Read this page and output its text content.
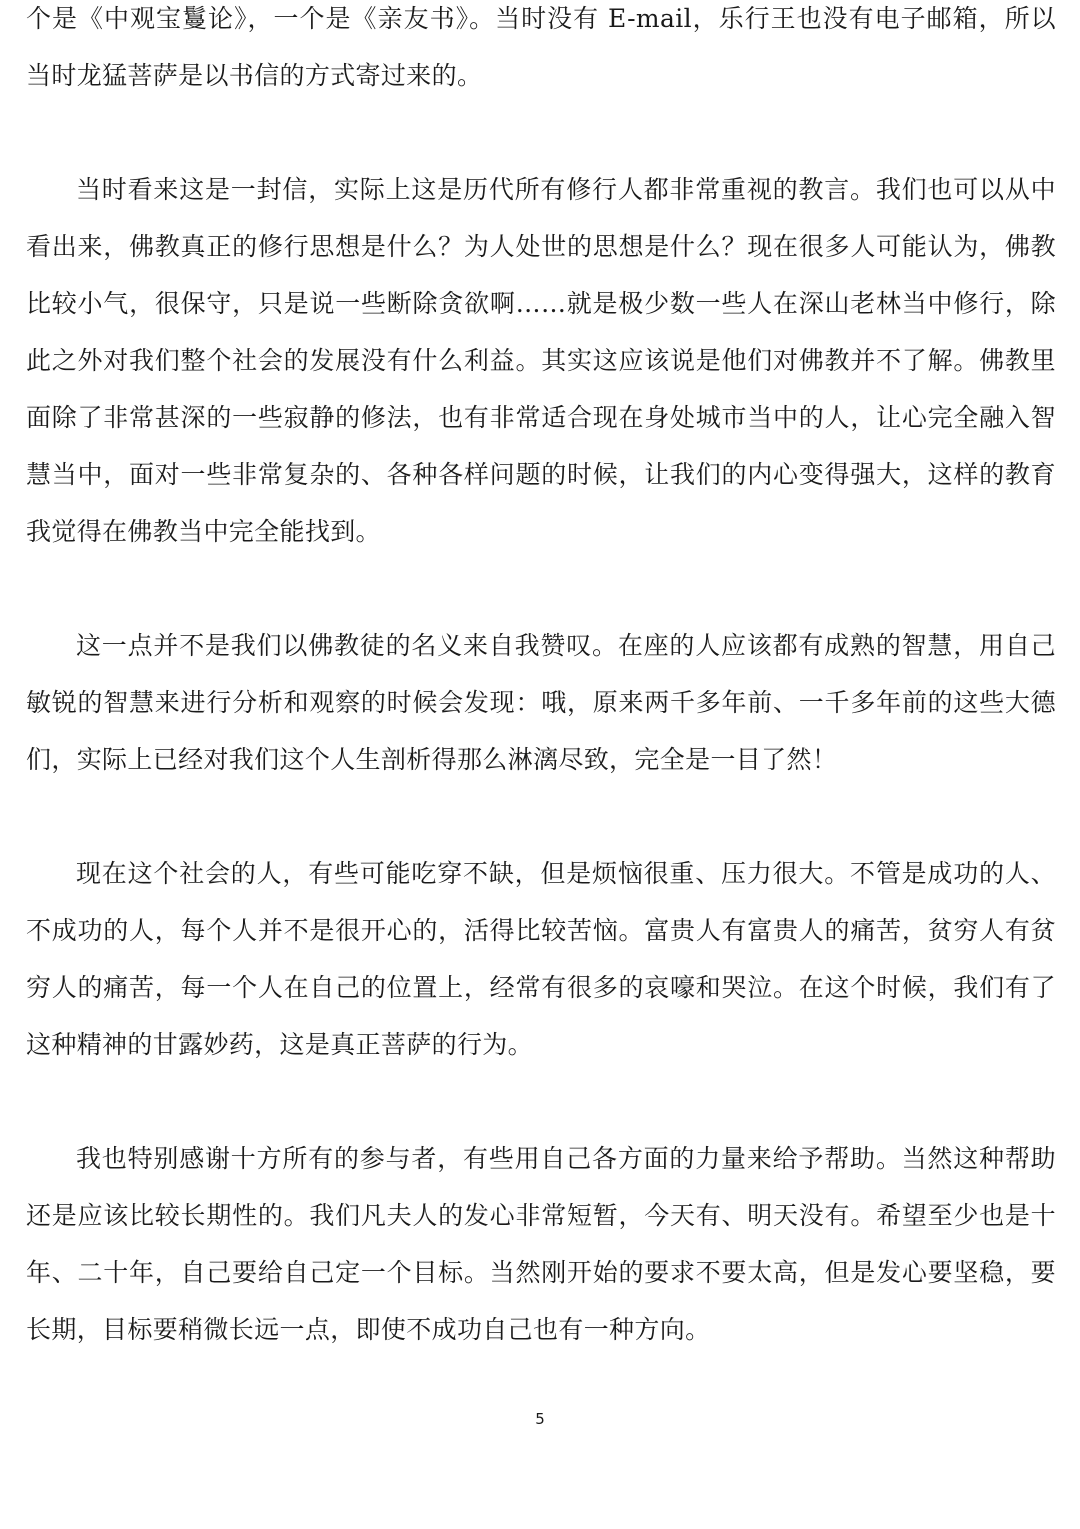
个是《中观宝鬘论》，一个是《亲友书》。当时没有 E-mail，乐行王也没有电子邮箱，所以当时龙猛菩萨是以书信的方式寄过来的。

当时看来这是一封信，实际上这是历代所有修行人都非常重视的教言。我们也可以从中看出来，佛教真正的修行思想是什么？为人处世的思想是什么？现在很多人可能认为，佛教比较小气，很保守，只是说一些断除贪欲啊……就是极少数一些人在深山老林当中修行，除此之外对我们整个社会的发展没有什么利益。其实这应该说是他们对佛教并不了解。佛教里面除了非常甚深的一些寂静的修法，也有非常适合现在身处城市当中的人，让心完全融入智慧当中，面对一些非常复杂的、各种各样问题的时候，让我们的内心变得强大，这样的教育我觉得在佛教当中完全能找到。

这一点并不是我们以佛教徒的名义来自我赞叹。在座的人应该都有成熟的智慧，用自己敏锐的智慧来进行分析和观察的时候会发现：哦，原来两千多年前、一千多年前的这些大德们，实际上已经对我们这个人生剖析得那么淋漓尽致，完全是一目了然！

现在这个社会的人，有些可能吃穿不缺，但是烦恼很重、压力很大。不管是成功的人、不成功的人，每个人并不是很开心的，活得比较苦恼。富贵人有富贵人的痛苦，贫穷人有贫穷人的痛苦，每一个人在自己的位置上，经常有很多的哀嚎和哭泣。在这个时候，我们有了这种精神的甘露妙药，这是真正菩萨的行为。

我也特别感谢十方所有的参与者，有些用自己各方面的力量来给予帮助。当然这种帮助还是应该比较长期性的。我们凡夫人的发心非常短暂，今天有、明天没有。希望至少也是十年、二十年，自己要给自己定一个目标。当然刚开始的要求不要太高，但是发心要坚稳，要长期，目标要稍微长远一点，即使不成功自己也有一种方向。

5
